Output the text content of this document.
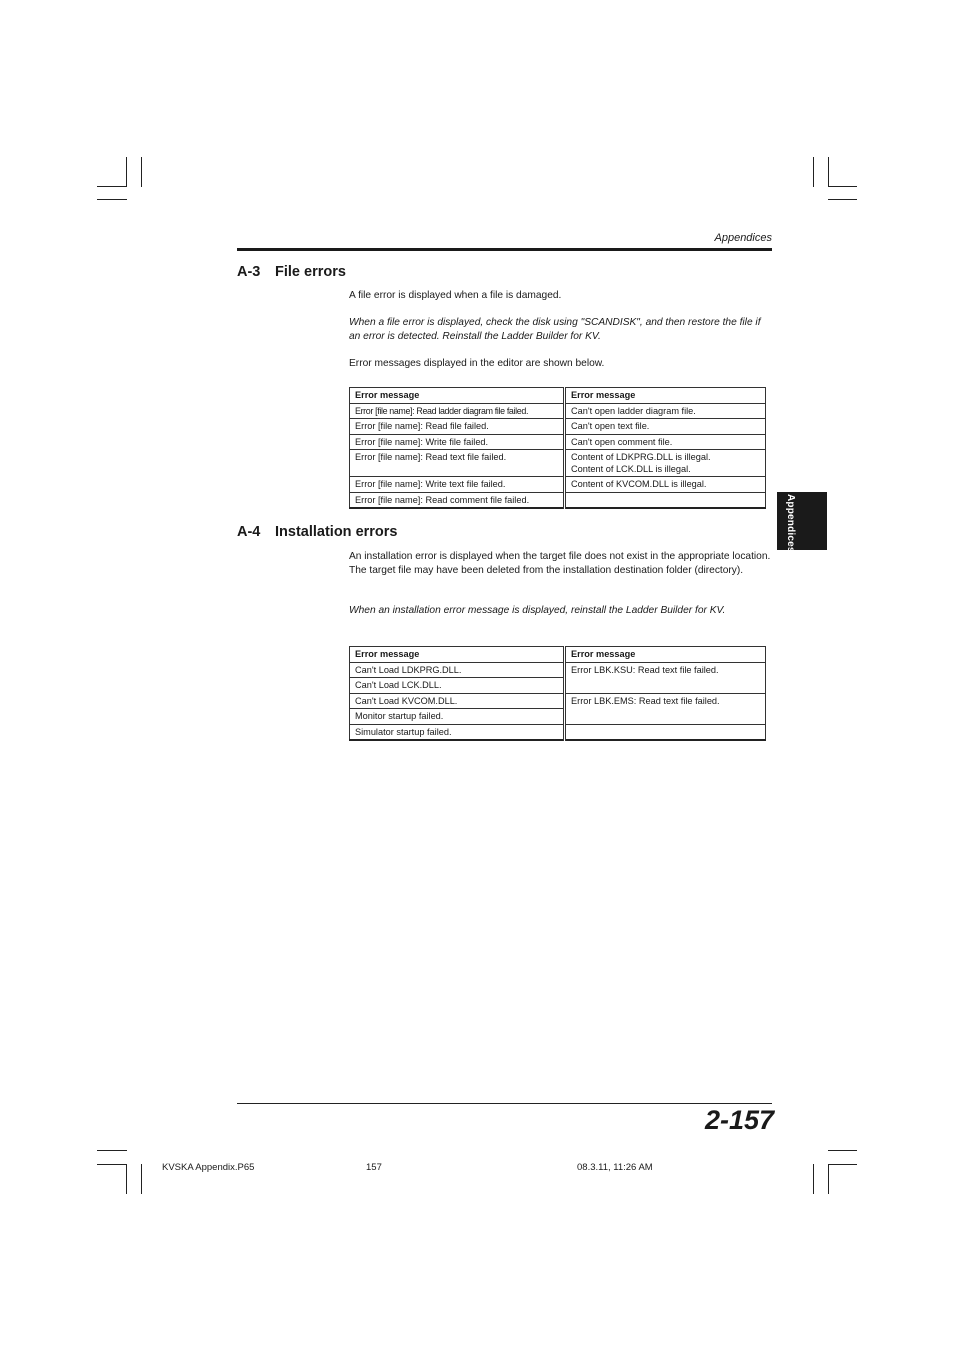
Appendices
A-3 File errors
A file error is displayed when a file is damaged.
When a file error is displayed, check the disk using "SCANDISK", and then restore the file if an error is detected. Reinstall the Ladder Builder for KV.
Error messages displayed in the editor are shown below.
Error message	Error message
Error [file name]: Read ladder diagram file failed.	Can't open ladder diagram file.
Error [file name]: Read file failed.	Can't open text file.
Error [file name]: Write file failed.	Can't open comment file.
Error [file name]: Read text file failed.	Content of LDKPRG.DLL is illegal.
Content of LCK.DLL is illegal.

Error [file name]: Write text file failed.	Content of KVCOM.DLL is illegal.
Error [file name]: Read comment file failed.	
A-4 Installation errors
An installation error is displayed when the target file does not exist in the appropriate location. The target file may have been deleted from the installation destination folder (directory).
When an installation error message is displayed, reinstall the Ladder Builder for KV.
Error message	Error message
Can't Load LDKPRG.DLL.	Error LBK.KSU: Read text file failed.
Can't Load LCK.DLL.	
Can't Load KVCOM.DLL.	Error LBK.EMS: Read text file failed.
Monitor startup failed.	
Simulator startup failed.	
Appendices
2-157
KVSKA Appendix.P65	157	08.3.11, 11:26 AM
